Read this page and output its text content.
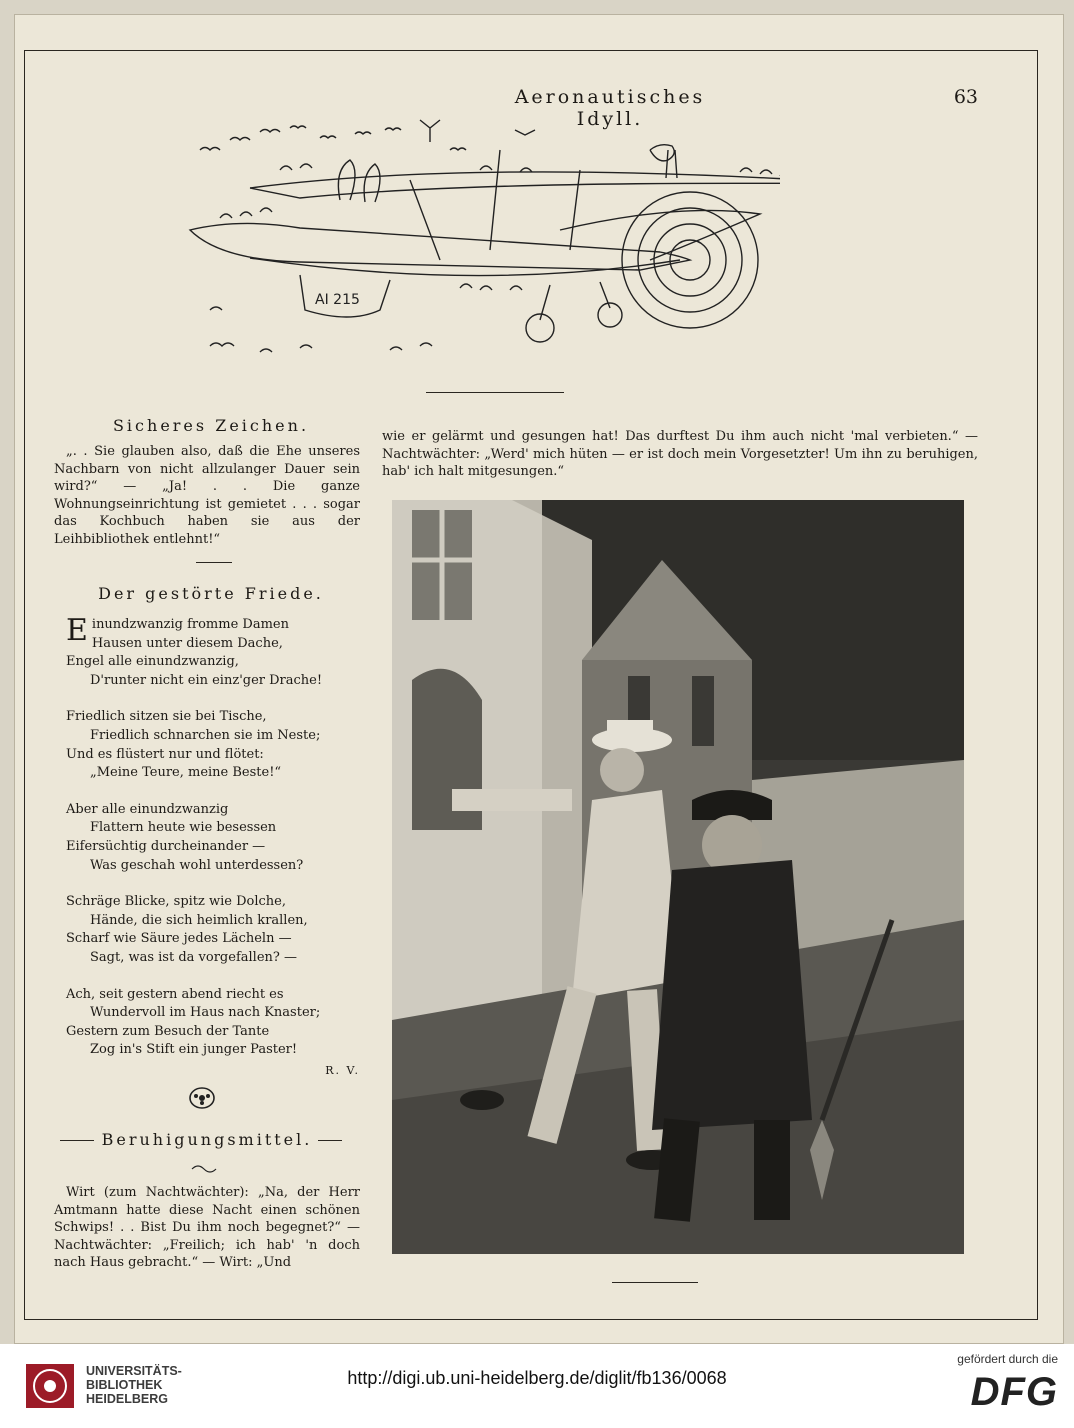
Aeronautisches Idyll.
63
AI 215
Sicheres Zeichen.
„. . Sie glauben also, daß die Ehe unseres Nachbarn von nicht allzulanger Dauer sein wird?“ — „Ja! . . Die ganze Wohnungseinrichtung ist gemietet . . . sogar das Kochbuch haben sie aus der Leihbibliothek entlehnt!“
Der gestörte Friede.
E inundzwanzig fromme Damen
Hausen unter diesem Dache,
Engel alle einundzwanzig,
D'runter nicht ein einz'ger Drache!
Friedlich sitzen sie bei Tische,
Friedlich schnarchen sie im Neste;
Und es flüstert nur und flötet:
„Meine Teure, meine Beste!“
Aber alle einundzwanzig
Flattern heute wie besessen
Eifersüchtig durcheinander —
Was geschah wohl unterdessen?
Schräge Blicke, spitz wie Dolche,
Hände, die sich heimlich krallen,
Scharf wie Säure jedes Lächeln —
Sagt, was ist da vorgefallen? —
Ach, seit gestern abend riecht es
Wundervoll im Haus nach Knaster;
Gestern zum Besuch der Tante
Zog in's Stift ein junger Paster!
R. V.
Beruhigungsmittel.
Wirt (zum Nachtwächter): „Na, der Herr Amtmann hatte diese Nacht einen schönen Schwips! . . Bist Du ihm noch begegnet?“ — Nachtwächter: „Freilich; ich hab' 'n doch nach Haus gebracht.“ — Wirt: „Und
wie er gelärmt und gesungen hat! Das durftest Du ihm auch nicht 'mal verbieten.“ — Nachtwächter: „Werd' mich hüten — er ist doch mein Vorgesetzter! Um ihn zu beruhigen, hab' ich halt mitgesungen.“
UNIVERSITÄTS-
BIBLIOTHEK
HEIDELBERG
http://digi.ub.uni-heidelberg.de/diglit/fb136/0068
gefördert durch die
DFG
